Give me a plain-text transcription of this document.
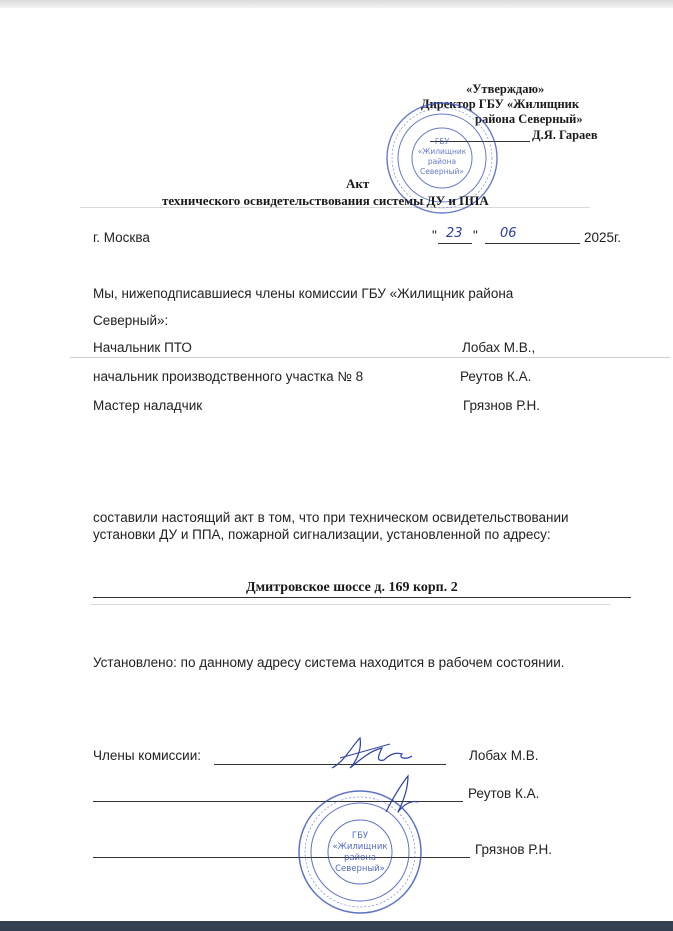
«Утверждаю»
Директор ГБУ «Жилищник
района Северный»
Д.Я. Гараев
ГБУ
«Жилищник
района
Северный»
Акт
технического освидетельствования системы ДУ и ППА
г. Москва	" 23 " 06	2025г.
Мы, нижеподписавшиеся члены комиссии ГБУ «Жилищник района
Северный»:
Начальник ПТО	Лобах М.В.,
начальник производственного участка № 8	Реутов К.А.
Мастер наладчик	Грязнов Р.Н.
составили настоящий акт в том, что при техническом освидетельствовании
установки ДУ и ППА, пожарной сигнализации, установленной по адресу:
Дмитровское шоссе д. 169 корп. 2
Установлено: по данному адресу система находится в рабочем состоянии.
Члены комиссии:	Лобах М.В.
Реутов К.А.
Грязнов Р.Н.
ГБУ
«Жилищник
района
Северный»
